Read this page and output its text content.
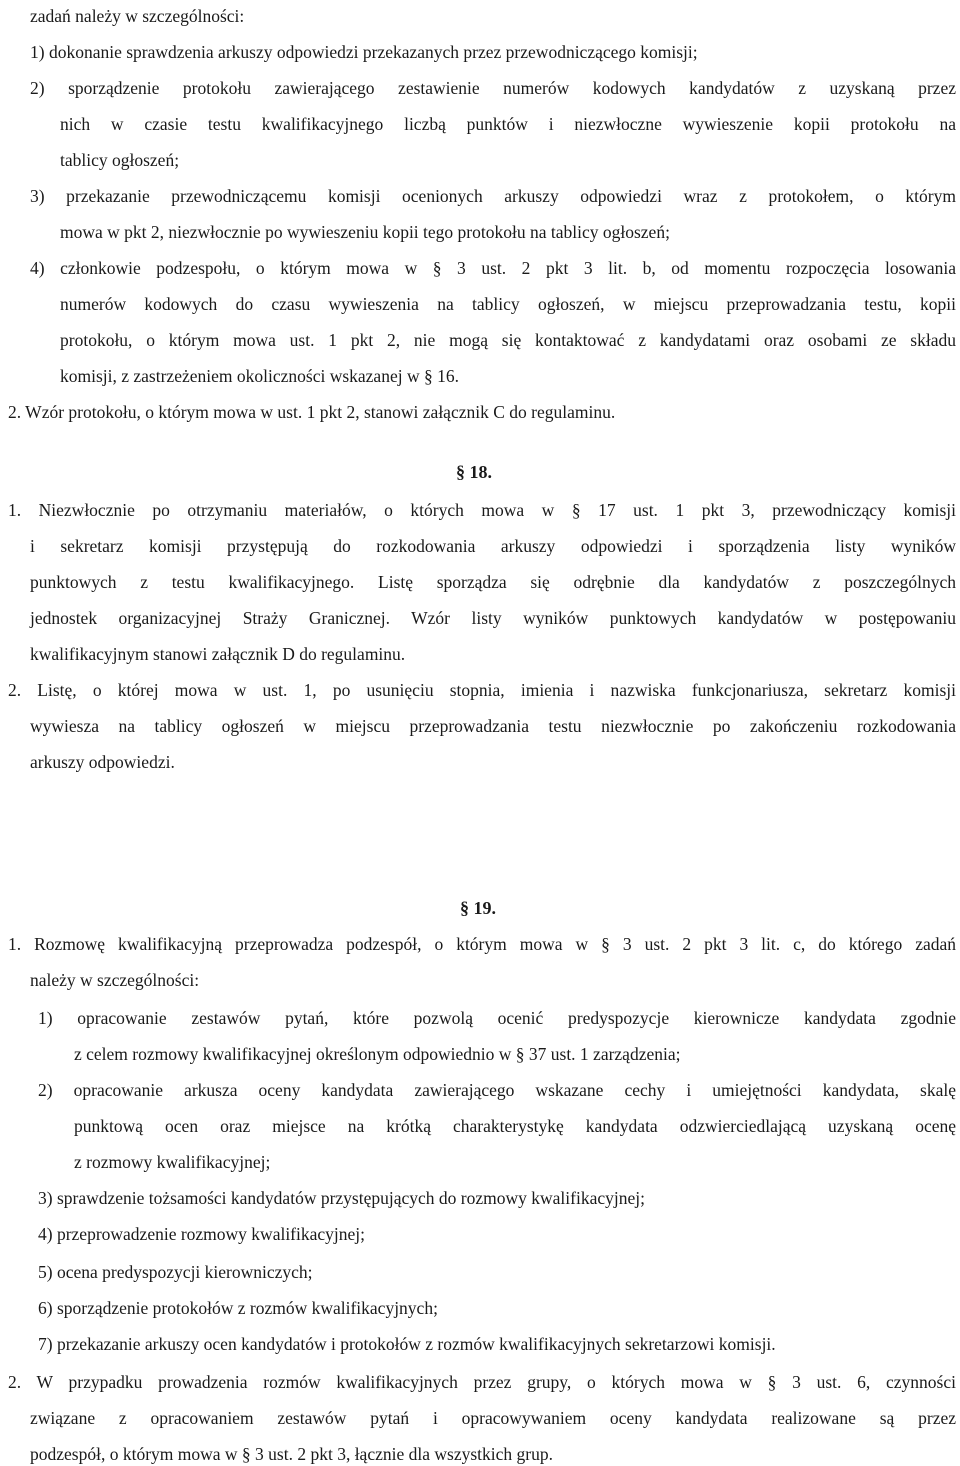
zadań należy w szczególności:
1) dokonanie sprawdzenia arkuszy odpowiedzi przekazanych przez przewodniczącego komisji;
2) sporządzenie protokołu zawierającego zestawienie numerów kodowych kandydatów z uzyskaną przez
nich w czasie testu kwalifikacyjnego liczbą punktów i niezwłoczne wywieszenie kopii protokołu na
tablicy ogłoszeń;
3) przekazanie przewodniczącemu komisji ocenionych arkuszy odpowiedzi wraz z protokołem, o którym
mowa w pkt 2, niezwłocznie po wywieszeniu kopii tego protokołu na tablicy ogłoszeń;
4) członkowie podzespołu, o którym mowa w § 3 ust. 2 pkt 3 lit. b, od momentu rozpoczęcia losowania
numerów kodowych do czasu wywieszenia na tablicy ogłoszeń, w miejscu przeprowadzania testu, kopii
protokołu, o którym mowa ust. 1 pkt 2, nie mogą się kontaktować z kandydatami oraz osobami ze składu
komisji, z zastrzeżeniem okoliczności wskazanej w § 16.
2. Wzór protokołu, o którym mowa w ust. 1 pkt 2, stanowi załącznik C do regulaminu.
§ 18.
1. Niezwłocznie po otrzymaniu materiałów, o których mowa w § 17 ust. 1 pkt 3, przewodniczący komisji
i sekretarz komisji przystępują do rozkodowania arkuszy odpowiedzi i sporządzenia listy wyników
punktowych z testu kwalifikacyjnego. Listę sporządza się odrębnie dla kandydatów z poszczególnych
jednostek organizacyjnej Straży Granicznej. Wzór listy wyników punktowych kandydatów w postępowaniu
kwalifikacyjnym stanowi załącznik D do regulaminu.
2. Listę, o której mowa w ust. 1, po usunięciu stopnia, imienia i nazwiska funkcjonariusza, sekretarz komisji
wywiesza na tablicy ogłoszeń w miejscu przeprowadzania testu niezwłocznie po zakończeniu rozkodowania
arkuszy odpowiedzi.
§ 19.
1. Rozmowę kwalifikacyjną przeprowadza podzespół, o którym mowa w § 3 ust. 2 pkt 3 lit. c, do którego zadań
należy w szczególności:
1) opracowanie zestawów pytań, które pozwolą ocenić predyspozycje kierownicze kandydata zgodnie
z celem rozmowy kwalifikacyjnej określonym odpowiednio w § 37 ust. 1 zarządzenia;
2) opracowanie arkusza oceny kandydata zawierającego wskazane cechy i umiejętności kandydata, skalę
punktową ocen oraz miejsce na krótką charakterystykę kandydata odzwierciedlającą uzyskaną ocenę
z rozmowy kwalifikacyjnej;
3) sprawdzenie tożsamości kandydatów przystępujących do rozmowy kwalifikacyjnej;
4) przeprowadzenie rozmowy kwalifikacyjnej;
5) ocena predyspozycji kierowniczych;
6) sporządzenie protokołów z rozmów kwalifikacyjnych;
7) przekazanie arkuszy ocen kandydatów i protokołów z rozmów kwalifikacyjnych sekretarzowi komisji.
2. W przypadku prowadzenia rozmów kwalifikacyjnych przez grupy, o których mowa w § 3 ust. 6, czynności
związane z opracowaniem zestawów pytań i opracowywaniem oceny kandydata realizowane są przez
podzespół, o którym mowa w § 3 ust. 2 pkt 3, łącznie dla wszystkich grup.
